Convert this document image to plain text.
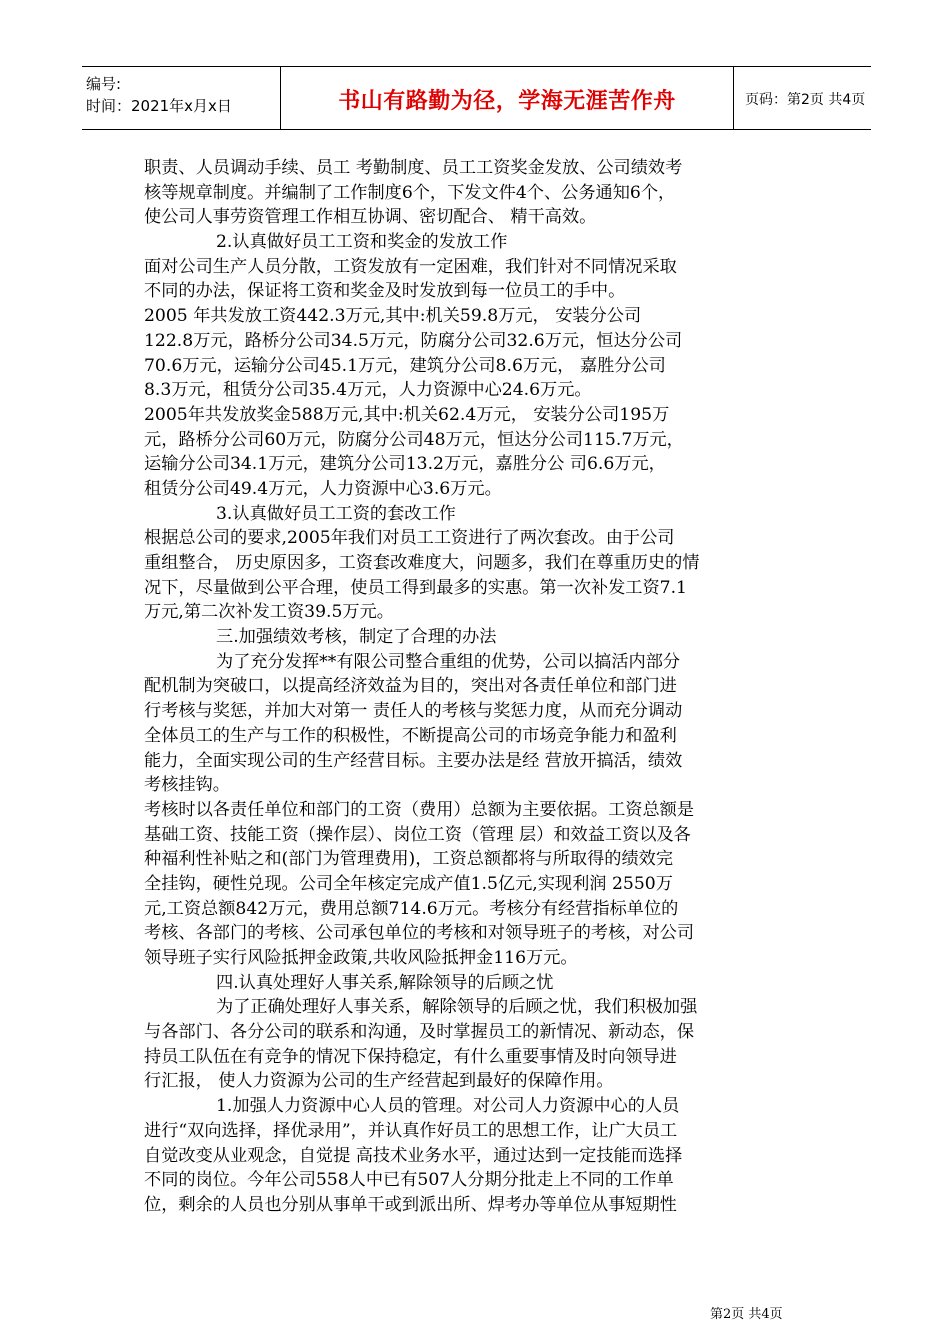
编号:
时间：2021年x月x日	书山有路勤为径，学海无涯苦作舟	页码：第2页 共4页
职责、人员调动手续、员工 考勤制度、员工工资奖金发放、公司绩效考
核等规章制度。并编制了工作制度6个，下发文件4个、公务通知6个，
使公司人事劳资管理工作相互协调、密切配合、 精干高效。
2.认真做好员工工资和奖金的发放工作
面对公司生产人员分散，工资发放有一定困难，我们针对不同情况采取
不同的办法，保证将工资和奖金及时发放到每一位员工的手中。
2005 年共发放工资442.3万元,其中:机关59.8万元， 安装分公司
122.8万元，路桥分公司34.5万元，防腐分公司32.6万元，恒达分公司
70.6万元，运输分公司45.1万元，建筑分公司8.6万元， 嘉胜分公司
8.3万元，租赁分公司35.4万元，人力资源中心24.6万元。
2005年共发放奖金588万元,其中:机关62.4万元， 安装分公司195万
元，路桥分公司60万元，防腐分公司48万元，恒达分公司115.7万元，
运输分公司34.1万元，建筑分公司13.2万元，嘉胜分公 司6.6万元，
租赁分公司49.4万元，人力资源中心3.6万元。
3.认真做好员工工资的套改工作
根据总公司的要求,2005年我们对员工工资进行了两次套改。由于公司
重组整合， 历史原因多，工资套改难度大，问题多，我们在尊重历史的情
况下，尽量做到公平合理，使员工得到最多的实惠。第一次补发工资7.1
万元,第二次补发工资39.5万元。
三.加强绩效考核，制定了合理的办法
为了充分发挥**有限公司整合重组的优势，公司以搞活内部分
配机制为突破口，以提高经济效益为目的，突出对各责任单位和部门进
行考核与奖惩，并加大对第一 责任人的考核与奖惩力度，从而充分调动
全体员工的生产与工作的积极性，不断提高公司的市场竞争能力和盈利
能力，全面实现公司的生产经营目标。主要办法是经 营放开搞活，绩效
考核挂钩。
考核时以各责任单位和部门的工资（费用）总额为主要依据。工资总额是
基础工资、技能工资（操作层）、岗位工资（管理 层）和效益工资以及各
种福利性补贴之和(部门为管理费用)，工资总额都将与所取得的绩效完
全挂钩，硬性兑现。公司全年核定完成产值1.5亿元,实现利润 2550万
元,工资总额842万元，费用总额714.6万元。考核分有经营指标单位的
考核、各部门的考核、公司承包单位的考核和对领导班子的考核，对公司
领导班子实行风险抵押金政策,共收风险抵押金116万元。
四.认真处理好人事关系,解除领导的后顾之忧
为了正确处理好人事关系，解除领导的后顾之忧，我们积极加强
与各部门、各分公司的联系和沟通，及时掌握员工的新情况、新动态，保
持员工队伍在有竞争的情况下保持稳定，有什么重要事情及时向领导进
行汇报， 使人力资源为公司的生产经营起到最好的保障作用。
1.加强人力资源中心人员的管理。对公司人力资源中心的人员
进行“双向选择，择优录用”，并认真作好员工的思想工作，让广大员工
自觉改变从业观念，自觉提 高技术业务水平，通过达到一定技能而选择
不同的岗位。今年公司558人中已有507人分期分批走上不同的工作单
位，剩余的人员也分别从事单干或到派出所、焊考办等单位从事短期性
第2页 共4页
